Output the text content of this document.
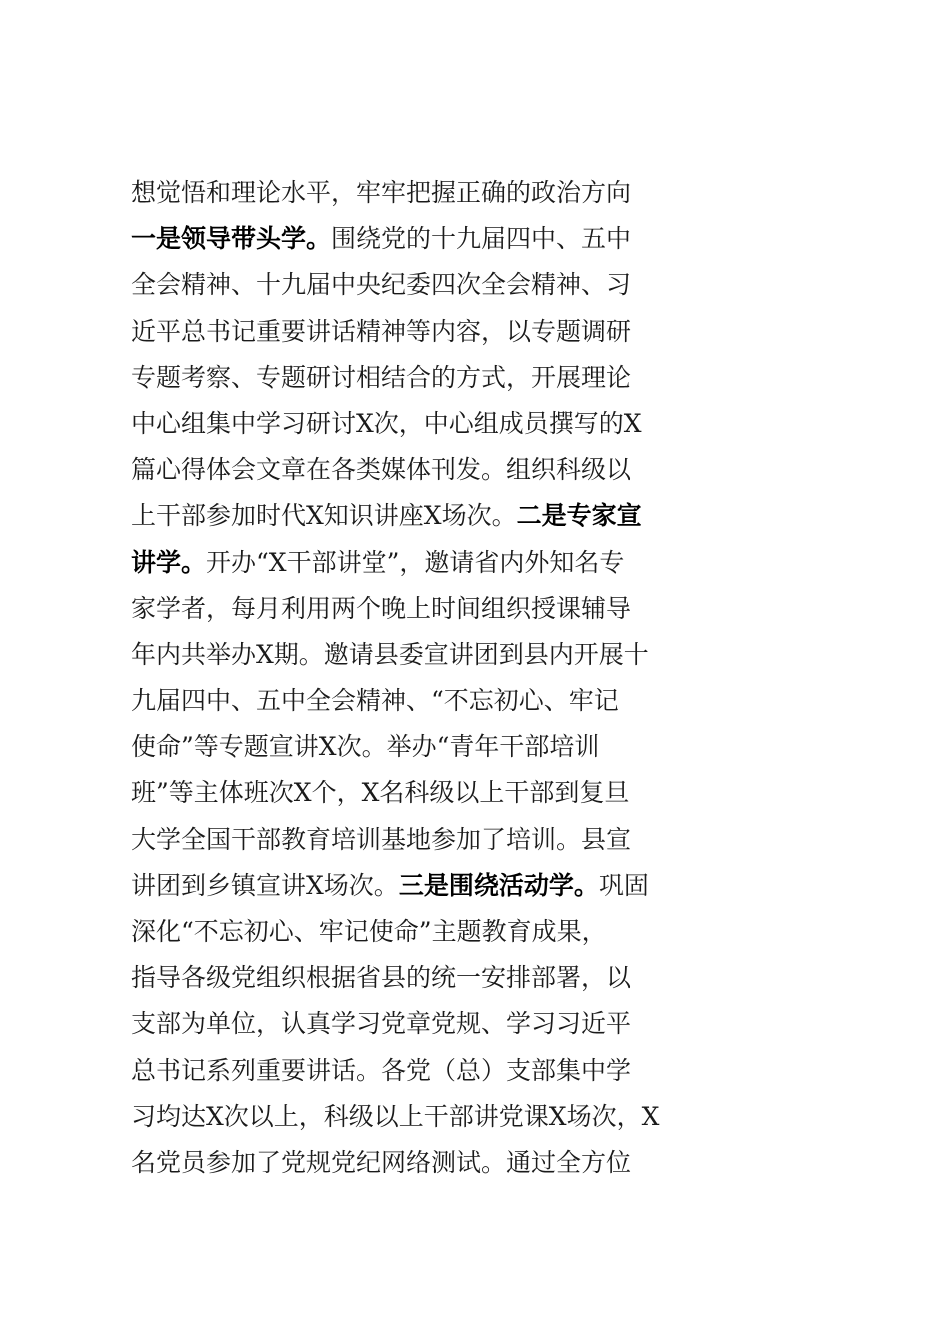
想觉悟和理论水平，牢牢把握正确的政治方向
一是领导带头学。围绕党的十九届四中、五中
全会精神、十九届中央纪委四次全会精神、习
近平总书记重要讲话精神等内容，以专题调研
专题考察、专题研讨相结合的方式，开展理论
中心组集中学习研讨X次，中心组成员撰写的X
篇心得体会文章在各类媒体刊发。组织科级以
上干部参加时代X知识讲座X场次。二是专家宣
讲学。开办“X干部讲堂”，邀请省内外知名专
家学者，每月利用两个晚上时间组织授课辅导
年内共举办X期。邀请县委宣讲团到县内开展十
九届四中、五中全会精神、“不忘初心、牢记
使命”等专题宣讲X次。举办“青年干部培训
班”等主体班次X个，X名科级以上干部到复旦
大学全国干部教育培训基地参加了培训。县宣
讲团到乡镇宣讲X场次。三是围绕活动学。巩固
深化“不忘初心、牢记使命”主题教育成果，
指导各级党组织根据省县的统一安排部署，以
支部为单位，认真学习党章党规、学习习近平
总书记系列重要讲话。各党（总）支部集中学
习均达X次以上，科级以上干部讲党课X场次，X
名党员参加了党规党纪网络测试。通过全方位
